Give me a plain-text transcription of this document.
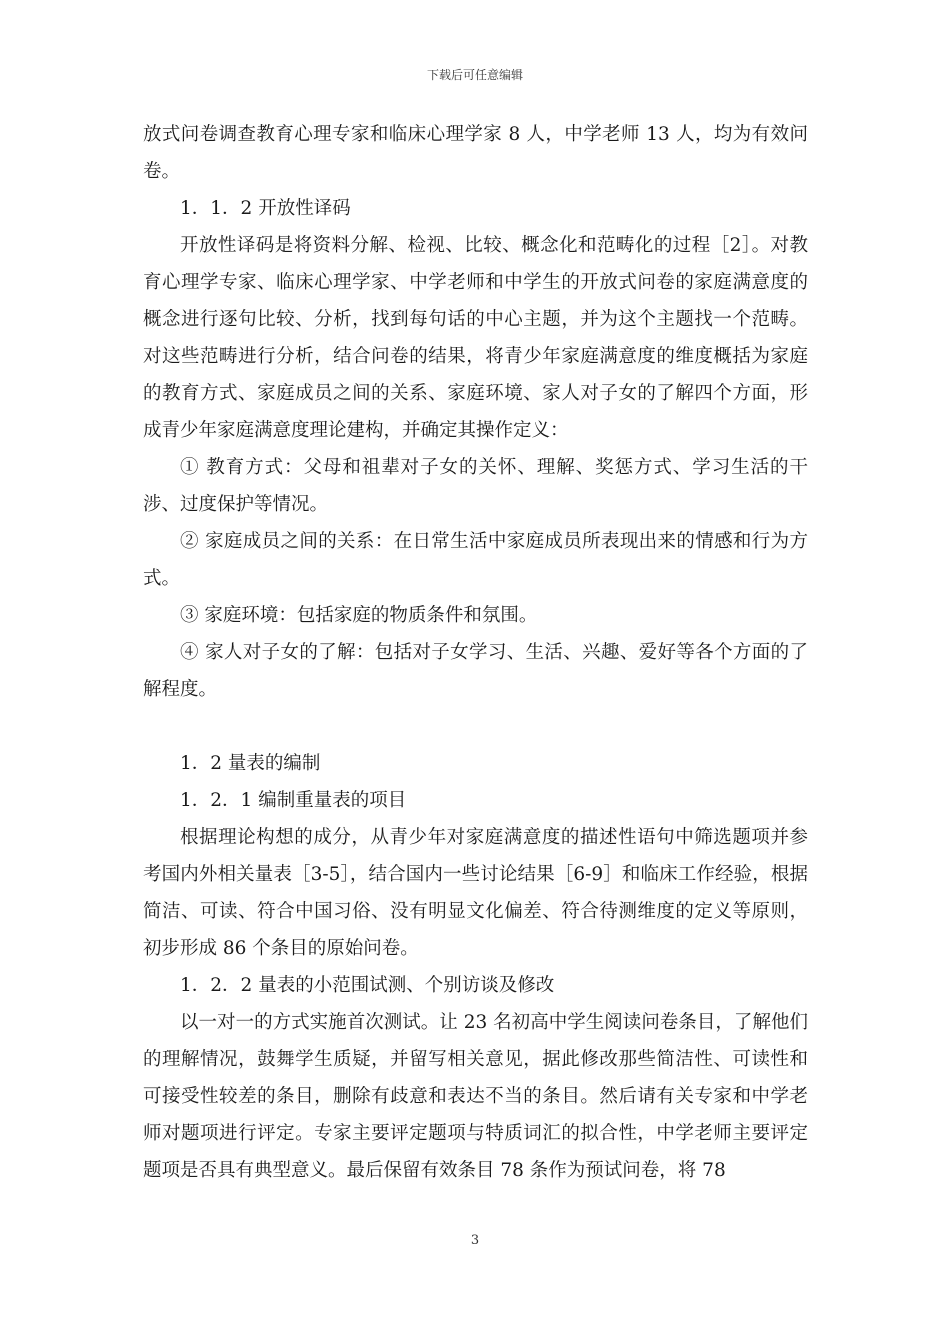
下载后可任意编辑

放式问卷调查教育心理专家和临床心理学家 8 人，中学老师 13 人，均为有效问卷。

1．1．2 开放性译码

开放性译码是将资料分解、检视、比较、概念化和范畴化的过程［2］。对教育心理学专家、临床心理学家、中学老师和中学生的开放式问卷的家庭满意度的概念进行逐句比较、分析，找到每句话的中心主题，并为这个主题找一个范畴。对这些范畴进行分析，结合问卷的结果，将青少年家庭满意度的维度概括为家庭的教育方式、家庭成员之间的关系、家庭环境、家人对子女的了解四个方面，形成青少年家庭满意度理论建构，并确定其操作定义：

① 教育方式：父母和祖辈对子女的关怀、理解、奖惩方式、学习生活的干涉、过度保护等情况。

② 家庭成员之间的关系：在日常生活中家庭成员所表现出来的情感和行为方式。

③ 家庭环境：包括家庭的物质条件和氛围。

④ 家人对子女的了解：包括对子女学习、生活、兴趣、爱好等各个方面的了解程度。

1．2 量表的编制

1．2．1 编制重量表的项目

根据理论构想的成分，从青少年对家庭满意度的描述性语句中筛选题项并参考国内外相关量表［3-5］，结合国内一些讨论结果［6-9］和临床工作经验，根据简洁、可读、符合中国习俗、没有明显文化偏差、符合待测维度的定义等原则，初步形成 86 个条目的原始问卷。

1．2．2 量表的小范围试测、个别访谈及修改

以一对一的方式实施首次测试。让 23 名初高中学生阅读问卷条目，了解他们的理解情况，鼓舞学生质疑，并留写相关意见，据此修改那些简洁性、可读性和可接受性较差的条目，删除有歧意和表达不当的条目。然后请有关专家和中学老师对题项进行评定。专家主要评定题项与特质词汇的拟合性，中学老师主要评定题项是否具有典型意义。最后保留有效条目 78 条作为预试问卷，将 78

3
